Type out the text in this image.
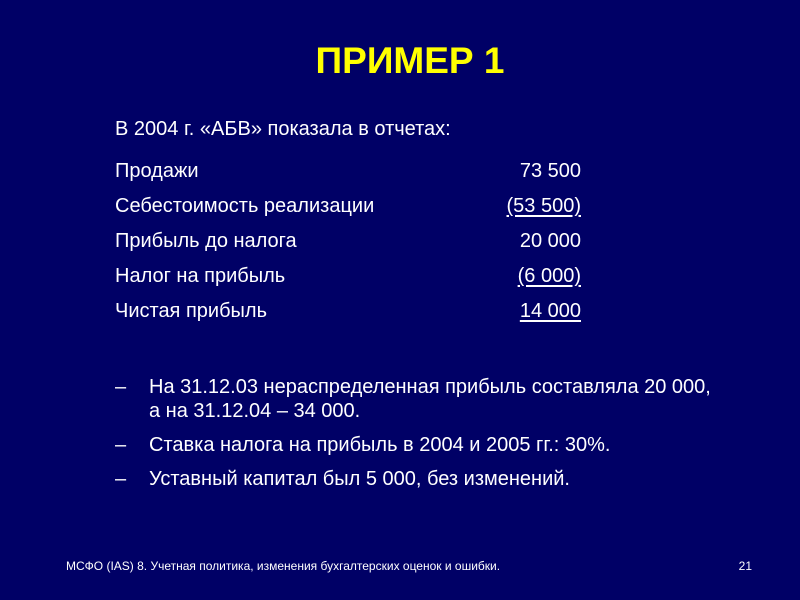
ПРИМЕР 1
В 2004 г. «АБВ» показала в отчетах:
Продажи	73 500
Себестоимость реализации	(53 500)
Прибыль до налога	20 000
Налог на прибыль	(6 000)
Чистая прибыль	14 000
– На 31.12.03 нераспределенная прибыль составляла 20 000, а на 31.12.04 – 34 000.
– Ставка налога на прибыль в 2004 и 2005 гг.: 30%.
– Уставный капитал был 5 000, без изменений.
МСФО (IAS) 8. Учетная политика, изменения бухгалтерских оценок и ошибки.	21
